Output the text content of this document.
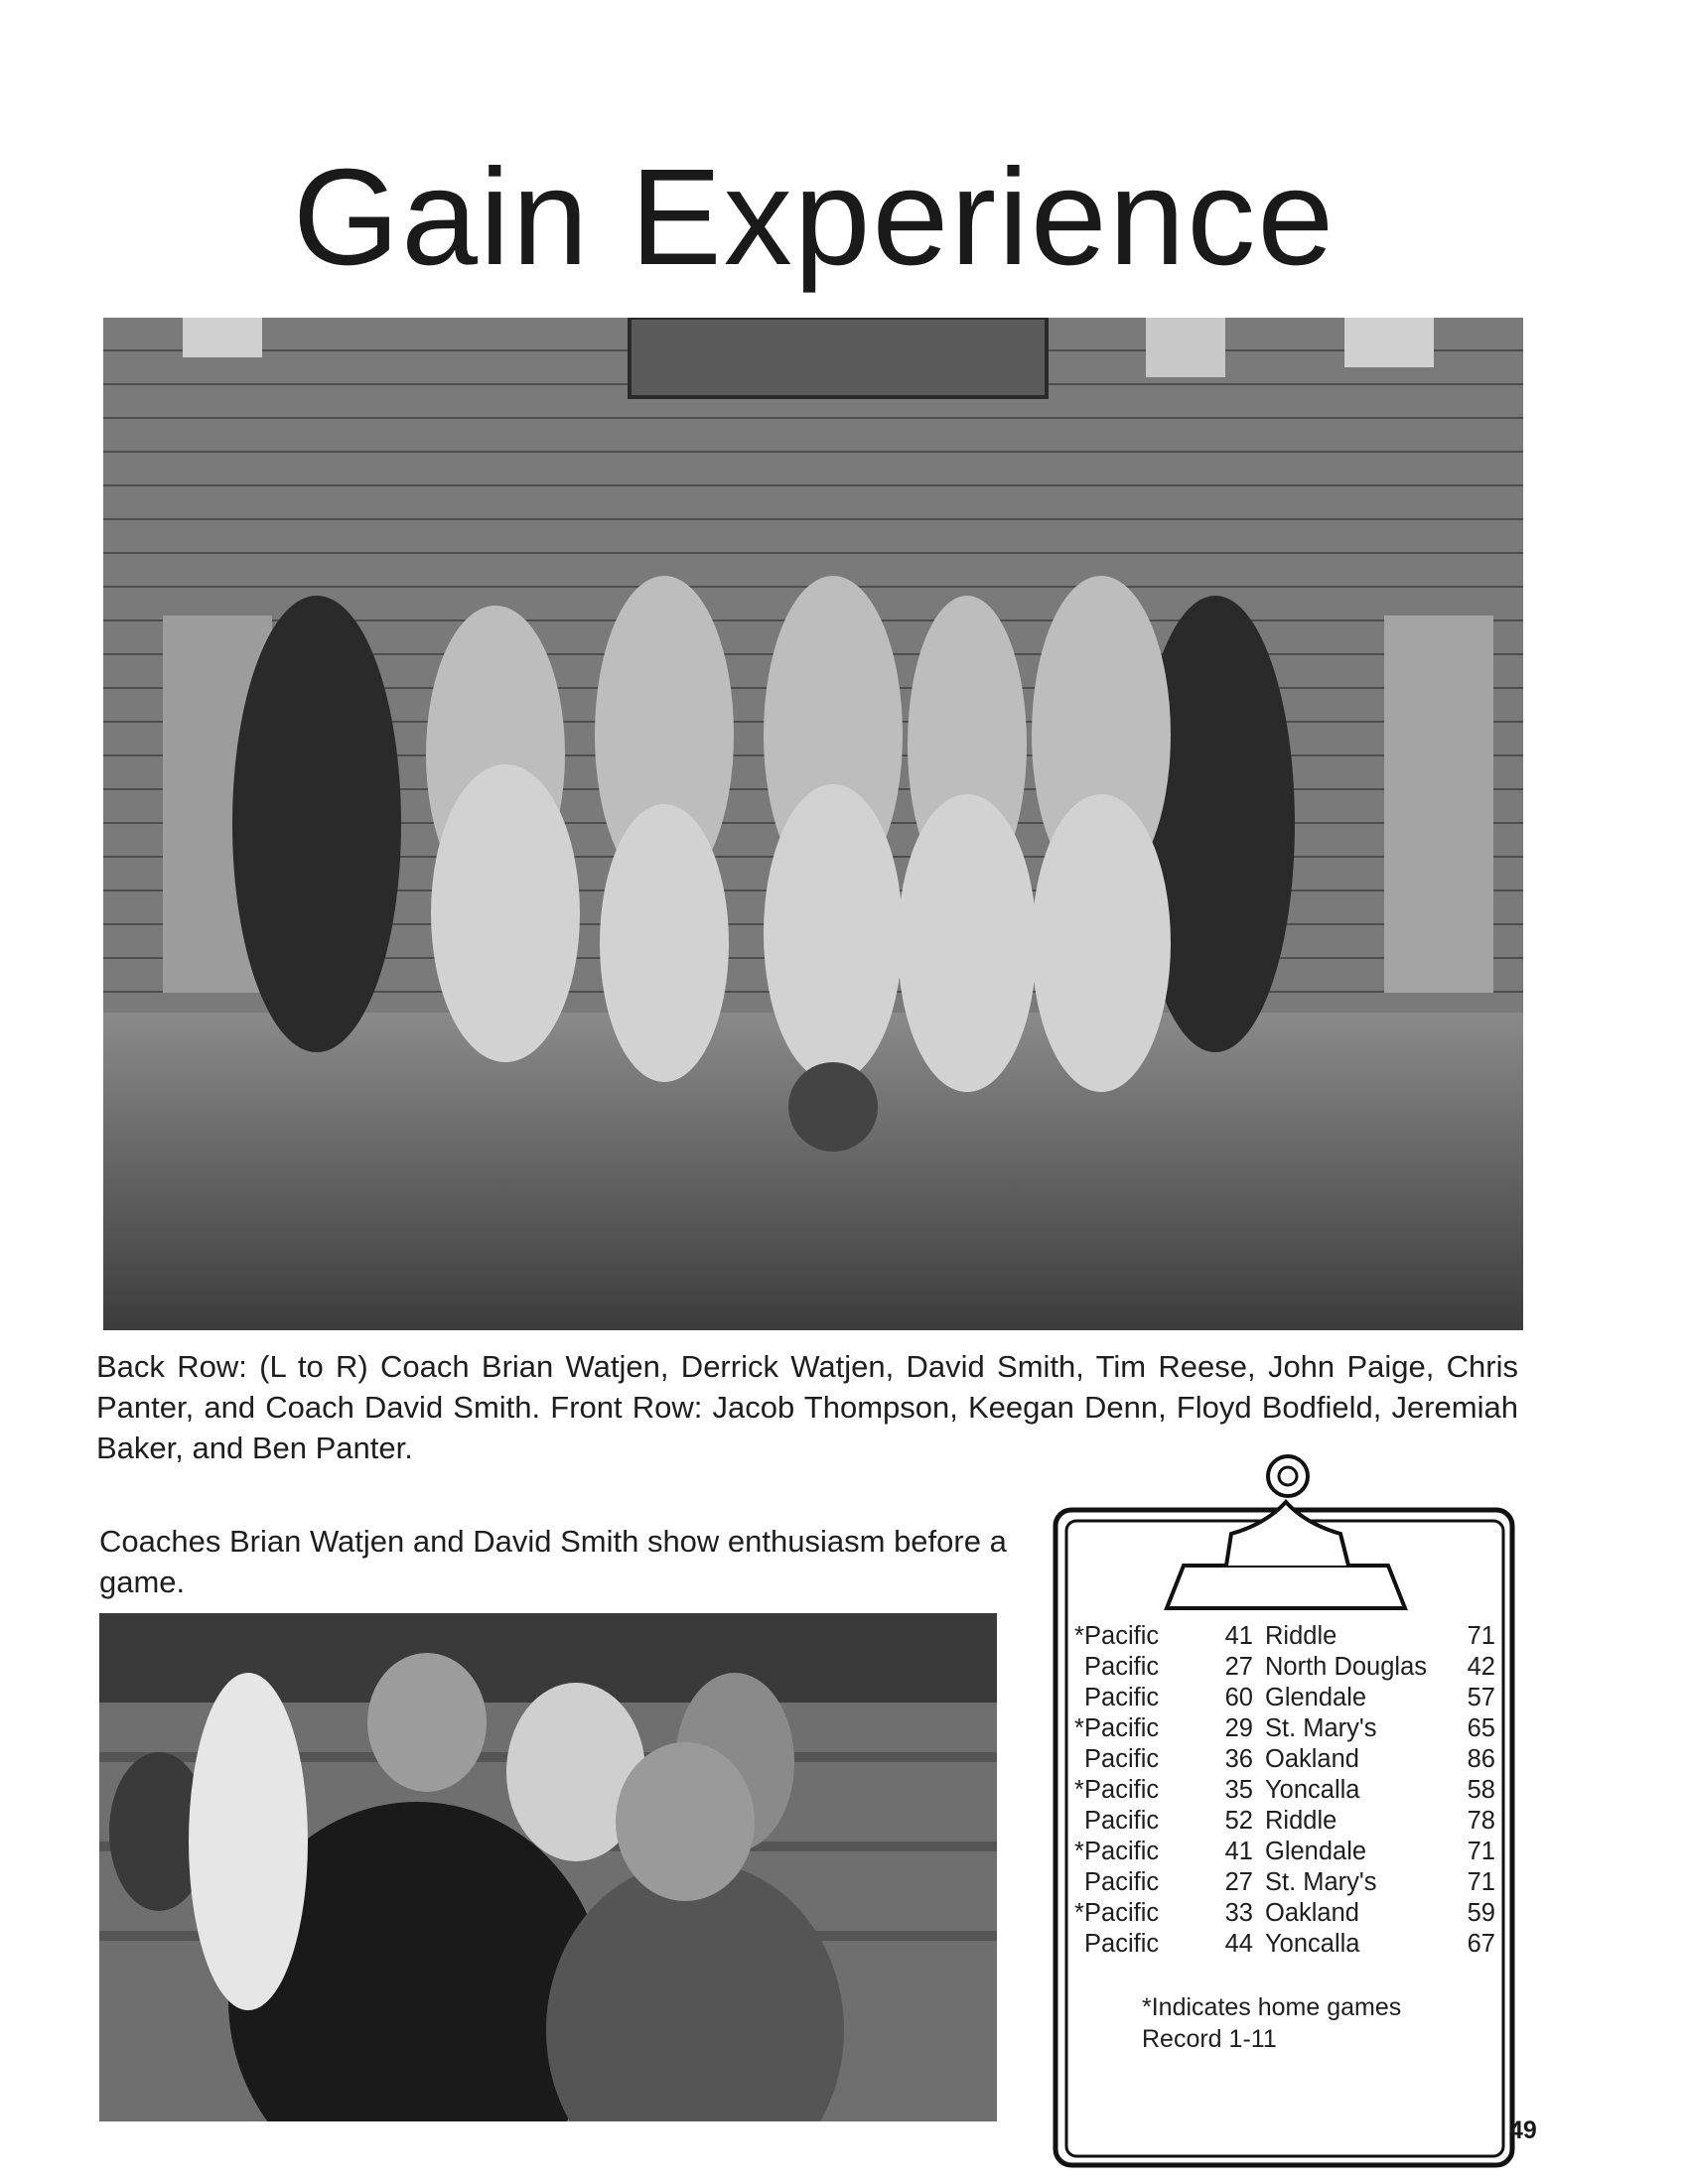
Gain Experience

Back Row: (L to R) Coach Brian Watjen, Derrick Watjen, David Smith, Tim Reese, John Paige, Chris Panter, and Coach David Smith. Front Row: Jacob Thompson, Keegan Denn, Floyd Bodfield, Jeremiah Baker, and Ben Panter.

Coaches Brian Watjen and David Smith show enthusiasm before a game.

*Pacific	41	Riddle	71
Pacific	27	North Douglas	42
Pacific	60	Glendale	57
*Pacific	29	St. Mary's	65
Pacific	36	Oakland	86
*Pacific	35	Yoncalla	58
Pacific	52	Riddle	78
*Pacific	41	Glendale	71
Pacific	27	St. Mary's	71
*Pacific	33	Oakland	59
Pacific	44	Yoncalla	67
*Indicates home games
Record 1-11
49
